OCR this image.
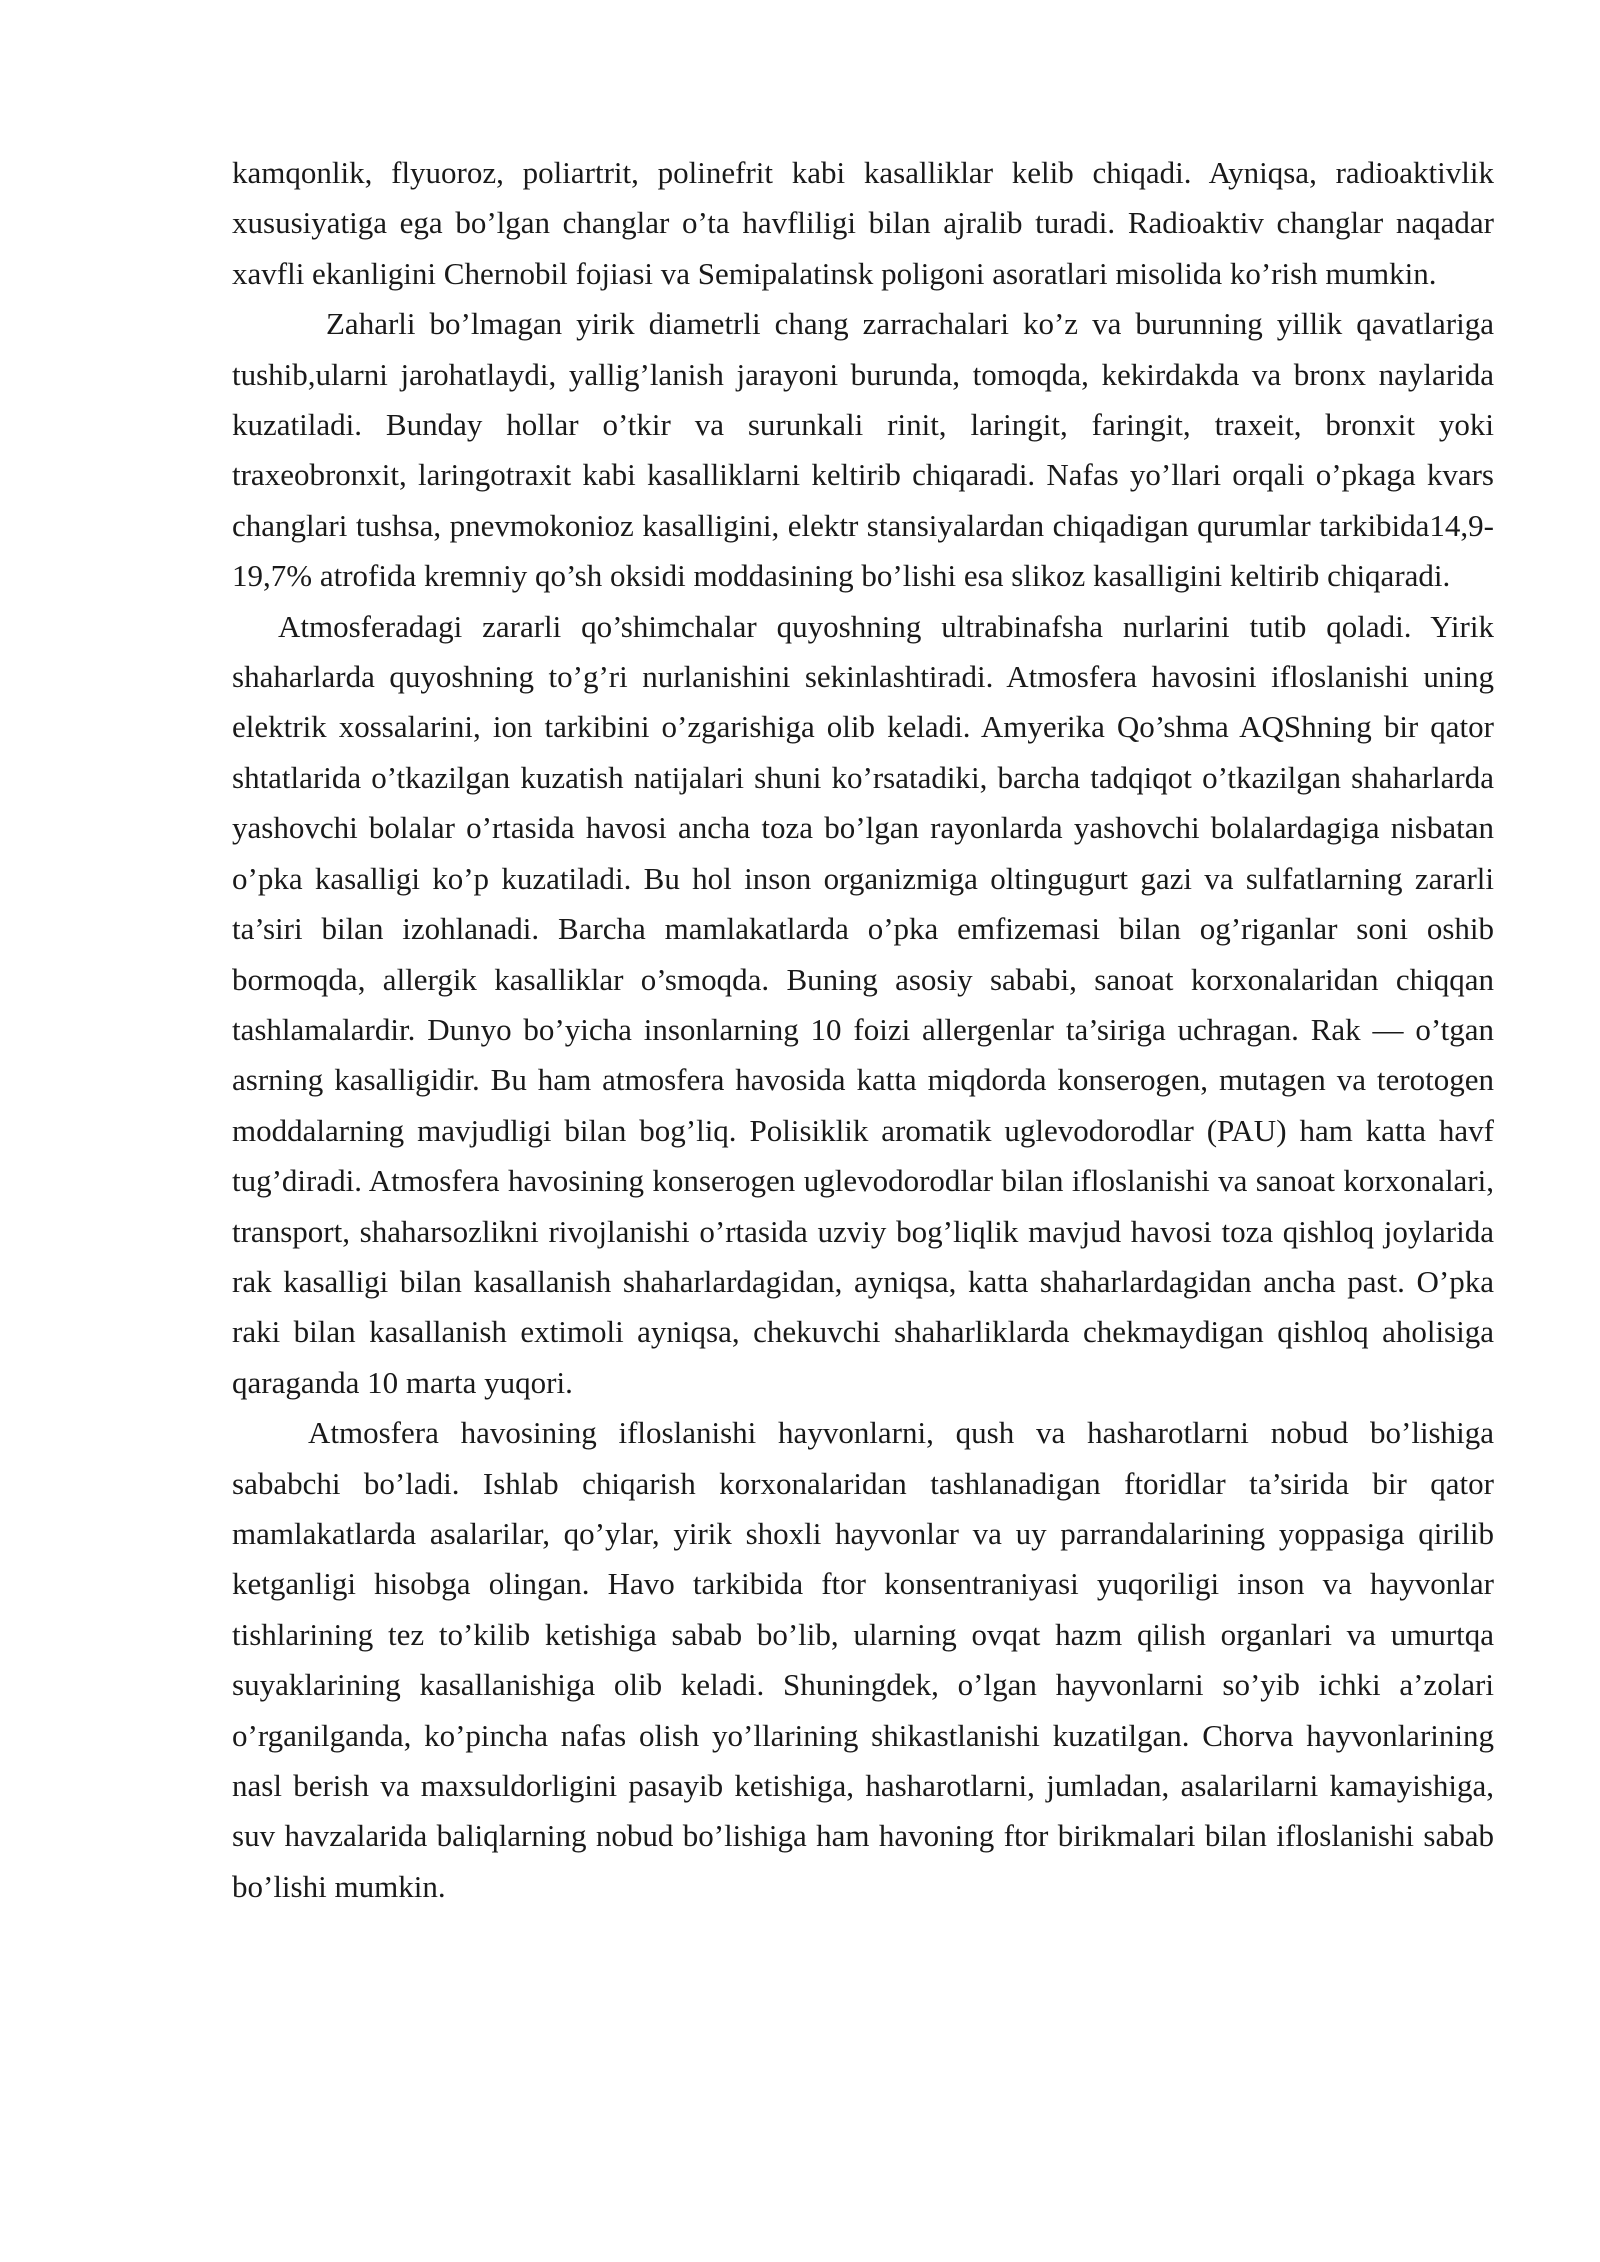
kamqonlik, flyuoroz, poliartrit, polinefrit kabi kasalliklar kelib chiqadi. Ayniqsa, radioaktivlik xususiyatiga ega bo’lgan changlar o’ta havfliligi bilan ajralib turadi. Radioaktiv changlar naqadar xavfli ekanligini Chernobil fojiasi va Semipalatinsk poligoni asoratlari misolida ko’rish mumkin.

Zaharli bo’lmagan yirik diametrli chang zarrachalari ko’z va burunning yillik qavatlariga tushib,ularni jarohatlaydi, yallig’lanish jarayoni burunda, tomoqda, kekirdakda va bronx naylarida kuzatiladi. Bunday hollar o’tkir va surunkali rinit, laringit, faringit, traxeit, bronxit yoki traxeobronxit, laringotraxit kabi kasalliklarni keltirib chiqaradi. Nafas yo’llari orqali o’pkaga kvars changlari tushsa, pnevmokonioz kasalligini, elektr stansiyalardan chiqadigan qurumlar tarkibida14,9-19,7% atrofida kremniy qo’sh oksidi moddasining bo’lishi esa slikoz kasalligini keltirib chiqaradi.

Atmosferadagi zararli qo’shimchalar quyoshning ultrabinafsha nurlarini tutib qoladi. Yirik shaharlarda quyoshning to’g’ri nurlanishini sekinlashtiradi. Atmosfera havosini ifloslanishi uning elektrik xossalarini, ion tarkibini o’zgarishiga olib keladi. Amyerika Qo’shma AQShning bir qator shtatlarida o’tkazilgan kuzatish natijalari shuni ko’rsatadiki, barcha tadqiqot o’tkazilgan shaharlarda yashovchi bolalar o’rtasida havosi ancha toza bo’lgan rayonlarda yashovchi bolalardagiga nisbatan o’pka kasalligi ko’p kuzatiladi. Bu hol inson organizmiga oltingugurt gazi va sulfatlarning zararli ta’siri bilan izohlanadi. Barcha mamlakatlarda o’pka emfizemasi bilan og’riganlar soni oshib bormoqda, allergik kasalliklar o’smoqda. Buning asosiy sababi, sanoat korxonalaridan chiqqan tashlamalardir. Dunyo bo’yicha insonlarning 10 foizi allergenlar ta’siriga uchragan. Rak — o’tgan asrning kasalligidir. Bu ham atmosfera havosida katta miqdorda konserogen, mutagen va terotogen moddalarning mavjudligi bilan bog’liq. Polisiklik aromatik uglevodorodlar (PAU) ham katta havf tug’diradi. Atmosfera havosining konserogen uglevodorodlar bilan ifloslanishi va sanoat korxonalari, transport, shaharsozlikni rivojlanishi o’rtasida uzviy bog’liqlik mavjud havosi toza qishloq joylarida rak kasalligi bilan kasallanish shaharlardagidan, ayniqsa, katta shaharlardagidan ancha past. O’pka raki bilan kasallanish extimoli ayniqsa, chekuvchi shaharliklarda chekmaydigan qishloq aholisiga qaraganda 10 marta yuqori.

Atmosfera havosining ifloslanishi hayvonlarni, qush va hasharotlarni nobud bo’lishiga sababchi bo’ladi. Ishlab chiqarish korxonalaridan tashlanadigan ftoridlar ta’sirida bir qator mamlakatlarda asalarilar, qo’ylar, yirik shoxli hayvonlar va uy parrandalarining yoppasiga qirilib ketganligi hisobga olingan. Havo tarkibida ftor konsentraniyasi yuqoriligi inson va hayvonlar tishlarining tez to’kilib ketishiga sabab bo’lib, ularning ovqat hazm qilish organlari va umurtqa suyaklarining kasallanishiga olib keladi. Shuningdek, o’lgan hayvonlarni so’yib ichki a’zolari o’rganilganda, ko’pincha nafas olish yo’llarining shikastlanishi kuzatilgan. Chorva hayvonlarining nasl berish va maxsuldorligini pasayib ketishiga, hasharotlarni, jumladan, asalarilarni kamayishiga, suv havzalarida baliqlarning nobud bo’lishiga ham havoning ftor birikmalari bilan ifloslanishi sabab bo’lishi mumkin.
